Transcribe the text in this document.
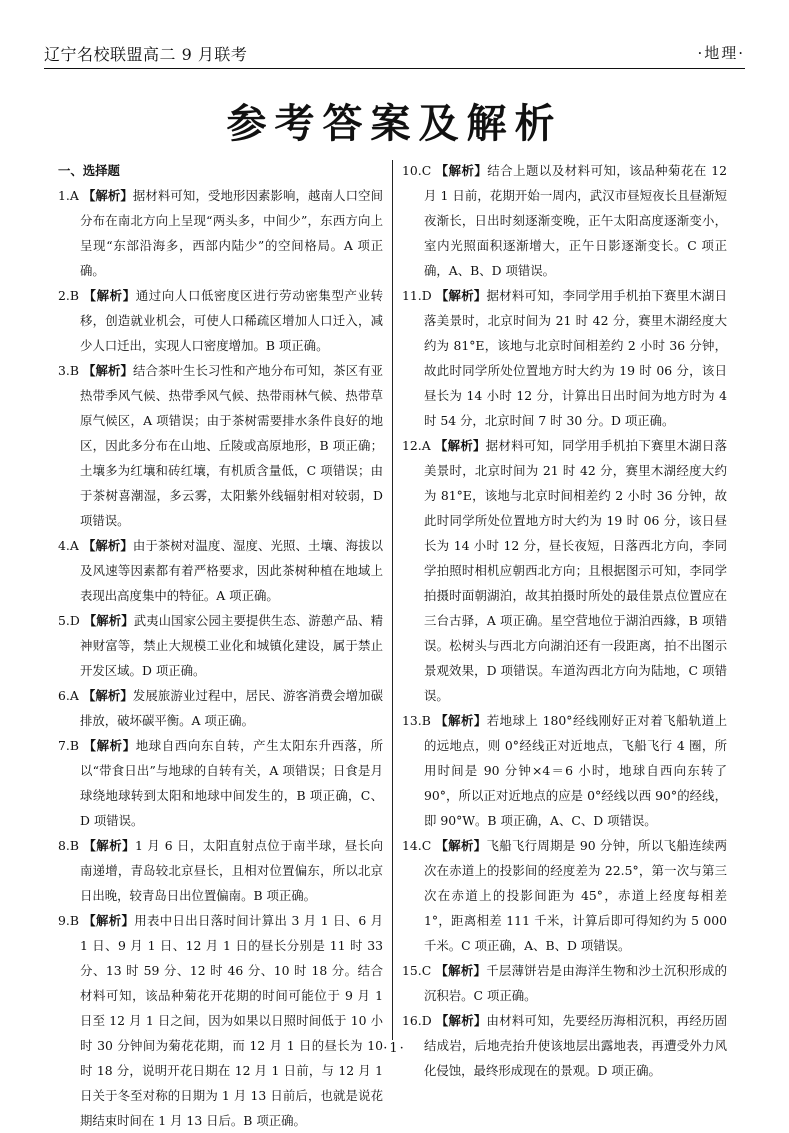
辽宁名校联盟高二 9 月联考	·地理·
参考答案及解析
一、选择题

1.A 【解析】据材料可知，受地形因素影响，越南人口空间分布在南北方向上呈现“两头多，中间少”，东西方向上呈现“东部沿海多，西部内陆少”的空间格局。A 项正确。

2.B 【解析】通过向人口低密度区进行劳动密集型产业转移，创造就业机会，可使人口稀疏区增加人口迁入，减少人口迁出，实现人口密度增加。B 项正确。

3.B 【解析】结合茶叶生长习性和产地分布可知，茶区有亚热带季风气候、热带季风气候、热带雨林气候、热带草原气候区，A 项错误；由于茶树需要排水条件良好的地区，因此多分布在山地、丘陵或高原地形，B 项正确；土壤多为红壤和砖红壤，有机质含量低，C 项错误；由于茶树喜潮湿，多云雾，太阳紫外线辐射相对较弱，D 项错误。

4.A 【解析】由于茶树对温度、湿度、光照、土壤、海拔以及风速等因素都有着严格要求，因此茶树种植在地域上表现出高度集中的特征。A 项正确。

5.D 【解析】武夷山国家公园主要提供生态、游憩产品、精神财富等，禁止大规模工业化和城镇化建设，属于禁止开发区域。D 项正确。

6.A 【解析】发展旅游业过程中，居民、游客消费会增加碳排放，破坏碳平衡。A 项正确。

7.B 【解析】地球自西向东自转，产生太阳东升西落，所以“带食日出”与地球的自转有关，A 项错误；日食是月球绕地球转到太阳和地球中间发生的，B 项正确，C、D 项错误。

8.B 【解析】1 月 6 日，太阳直射点位于南半球，昼长向南递增，青岛较北京昼长，且相对位置偏东，所以北京日出晚，较青岛日出位置偏南。B 项正确。

9.B 【解析】用表中日出日落时间计算出 3 月 1 日、6 月 1 日、9 月 1 日、12 月 1 日的昼长分别是 11 时 33 分、13 时 59 分、12 时 46 分、10 时 18 分。结合材料可知，该品种菊花开花期的时间可能位于 9 月 1 日至 12 月 1 日之间，因为如果以日照时间低于 10 小时 30 分钟间为菊花花期，而 12 月 1 日的昼长为 10 时 18 分，说明开花日期在 12 月 1 日前，与 12 月 1 日关于冬至对称的日期为 1 月 13 日前后，也就是说花期结束时间在 1 月 13 日后。B 项正确。

10.C 【解析】结合上题以及材料可知，该品种菊花在 12 月 1 日前，花期开始一周内，武汉市昼短夜长且昼渐短夜渐长，日出时刻逐渐变晚，正午太阳高度逐渐变小，室内光照面积逐渐增大，正午日影逐渐变长。C 项正确，A、B、D 项错误。

11.D 【解析】据材料可知，李同学用手机拍下赛里木湖日落美景时，北京时间为 21 时 42 分，赛里木湖经度大约为 81°E，该地与北京时间相差约 2 小时 36 分钟，故此时同学所处位置地方时大约为 19 时 06 分，该日昼长为 14 小时 12 分，计算出日出时间为地方时为 4 时 54 分，北京时间 7 时 30 分。D 项正确。

12.A 【解析】据材料可知，同学用手机拍下赛里木湖日落美景时，北京时间为 21 时 42 分，赛里木湖经度大约为 81°E，该地与北京时间相差约 2 小时 36 分钟，故此时同学所处位置地方时大约为 19 时 06 分，该日昼长为 14 小时 12 分，昼长夜短，日落西北方向，李同学拍照时相机应朝西北方向；且根据图示可知，李同学拍摄时面朝湖泊，故其拍摄时所处的最佳景点位置应在三台古驿，A 项正确。星空营地位于湖泊西緣，B 项错误。松树头与西北方向湖泊还有一段距离，拍不出图示景观效果，D 项错误。车道沟西北方向为陆地，C 项错误。

13.B 【解析】若地球上 180°经线刚好正对着飞船轨道上的远地点，则 0°经线正对近地点，飞船飞行 4 圈，所用时间是 90 分钟×4＝6 小时，地球自西向东转了 90°，所以正对近地点的应是 0°经线以西 90°的经线，即 90°W。B 项正确，A、C、D 项错误。

14.C 【解析】飞船飞行周期是 90 分钟，所以飞船连续两次在赤道上的投影间的经度差为 22.5°，第一次与第三次在赤道上的投影间距为 45°，赤道上经度每相差 1°，距离相差 111 千米，计算后即可得知约为 5 000 千米。C 项正确，A、B、D 项错误。

15.C 【解析】千层薄饼岩是由海洋生物和沙土沉积形成的沉积岩。C 项正确。

16.D 【解析】由材料可知，先要经历海相沉积，再经历固结成岩，后地壳抬升使该地层出露地表，再遭受外力风化侵蚀，最终形成现在的景观。D 项正确。

·1·
